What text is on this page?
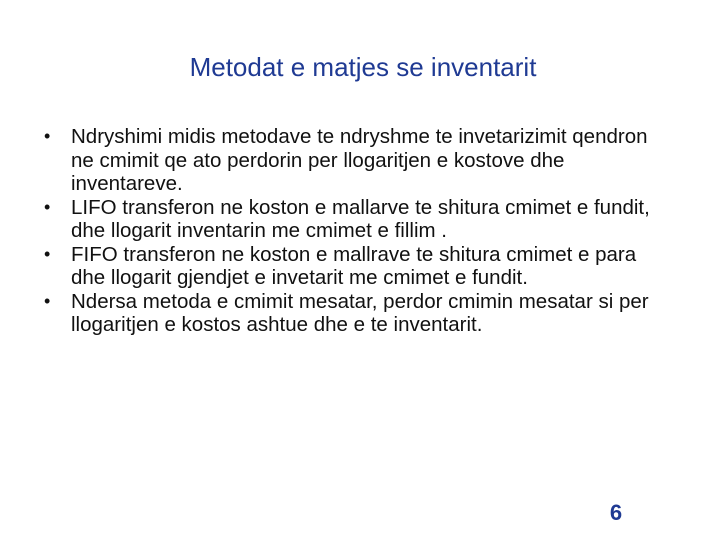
Metodat e matjes se inventarit
•	Ndryshimi midis metodave te ndryshme te invetarizimit qendron ne cmimit qe ato perdorin per llogaritjen e kostove dhe inventareve.
•	LIFO transferon ne koston e mallarve te shitura cmimet e fundit, dhe llogarit inventarin me cmimet e fillim .
•	FIFO transferon ne koston e mallrave te shitura cmimet e para dhe llogarit gjendjet e invetarit me cmimet e fundit.
•	Ndersa metoda e cmimit mesatar, perdor cmimin mesatar si per llogaritjen e kostos ashtue dhe e te inventarit.
6
